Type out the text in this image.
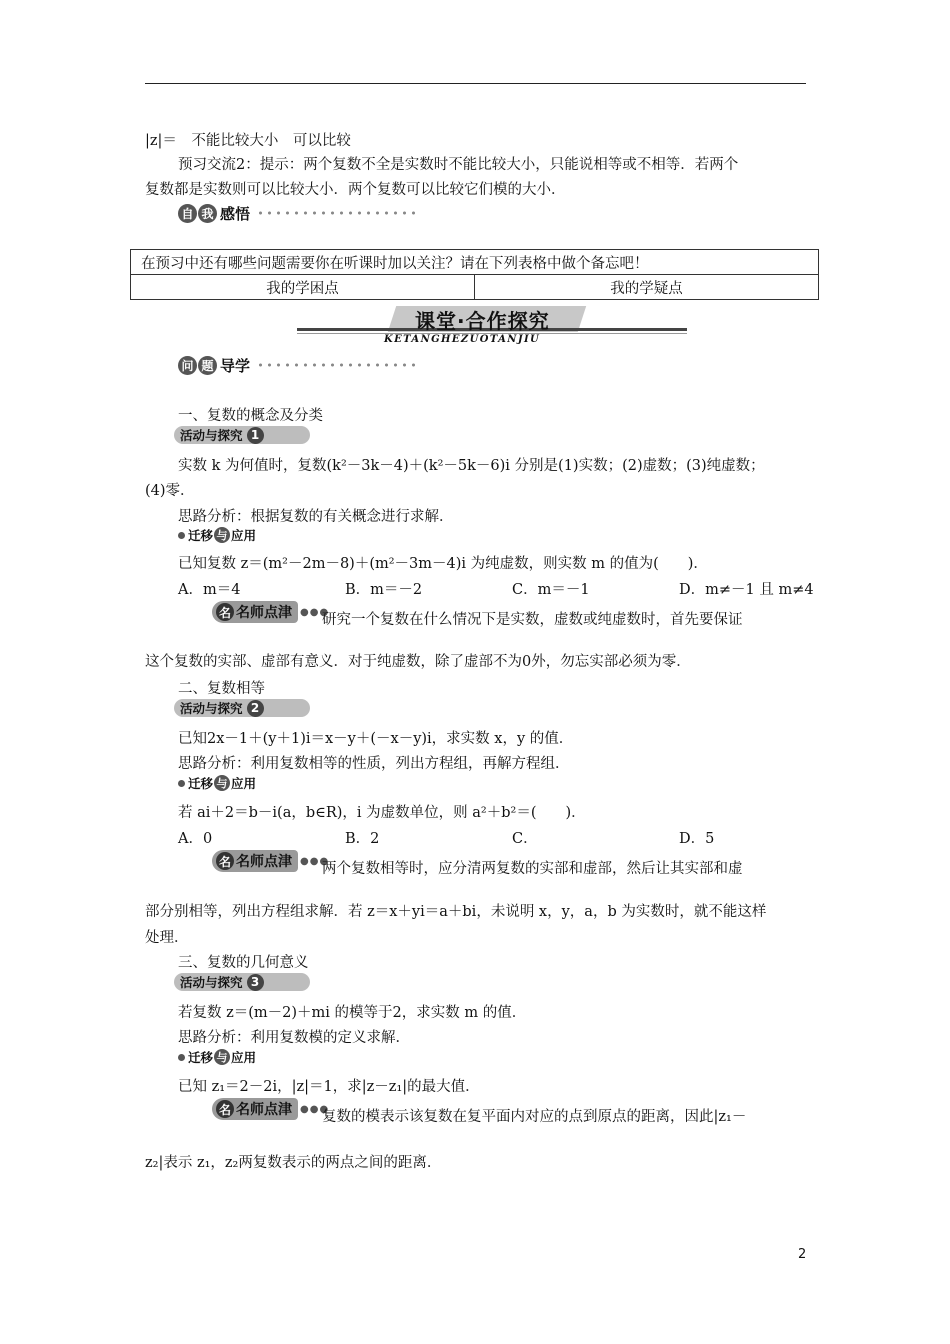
|z|＝　不能比较大小　可以比较
预习交流2：提示：两个复数不全是实数时不能比较大小，只能说相等或不相等．若两个
复数都是实数则可以比较大小．两个复数可以比较它们模的大小．
自 我 感悟
在预习中还有哪些问题需要你在听课时加以关注？请在下列表格中做个备忘吧！
我的学困点	我的学疑点
课堂·合作探究
KETANGHEZUOTANJIU
问 题 导学
一、复数的概念及分类
活动与探究 1
实数 k 为何值时，复数(k²－3k－4)＋(k²－5k－6)i 分别是(1)实数；(2)虚数；(3)纯虚数；
(4)零．
思路分析：根据复数的有关概念进行求解．
迁移 与 应用
已知复数 z＝(m²－2m－8)＋(m²－3m－4)i 为纯虚数，则实数 m 的值为(　　)．
A．m＝4	B．m＝－2	C．m＝－1	D．m≠－1 且 m≠4
名 名师点津 ●●●
研究一个复数在什么情况下是实数，虚数或纯虚数时，首先要保证
这个复数的实部、虚部有意义．对于纯虚数，除了虚部不为0外，勿忘实部必须为零．
二、复数相等
活动与探究 2
已知2x－1＋(y＋1)i＝x－y＋(－x－y)i，求实数 x，y 的值．
思路分析：利用复数相等的性质，列出方程组，再解方程组．
迁移 与 应用
若 ai＋2＝b－i(a，b∈R)，i 为虚数单位，则 a²＋b²＝(　　)．
A．0	B．2	C．	D．5
名 名师点津 ●●●
两个复数相等时，应分清两复数的实部和虚部，然后让其实部和虚
部分别相等，列出方程组求解．若 z＝x＋yi＝a＋bi，未说明 x，y，a，b 为实数时，就不能这样
处理．
三、复数的几何意义
活动与探究 3
若复数 z＝(m－2)＋mi 的模等于2，求实数 m 的值．
思路分析：利用复数模的定义求解．
迁移 与 应用
已知 z₁＝2－2i，|z|＝1，求|z－z₁|的最大值．
名 名师点津 ●●●
复数的模表示该复数在复平面内对应的点到原点的距离，因此|z₁－
z₂|表示 z₁，z₂两复数表示的两点之间的距离．
2
